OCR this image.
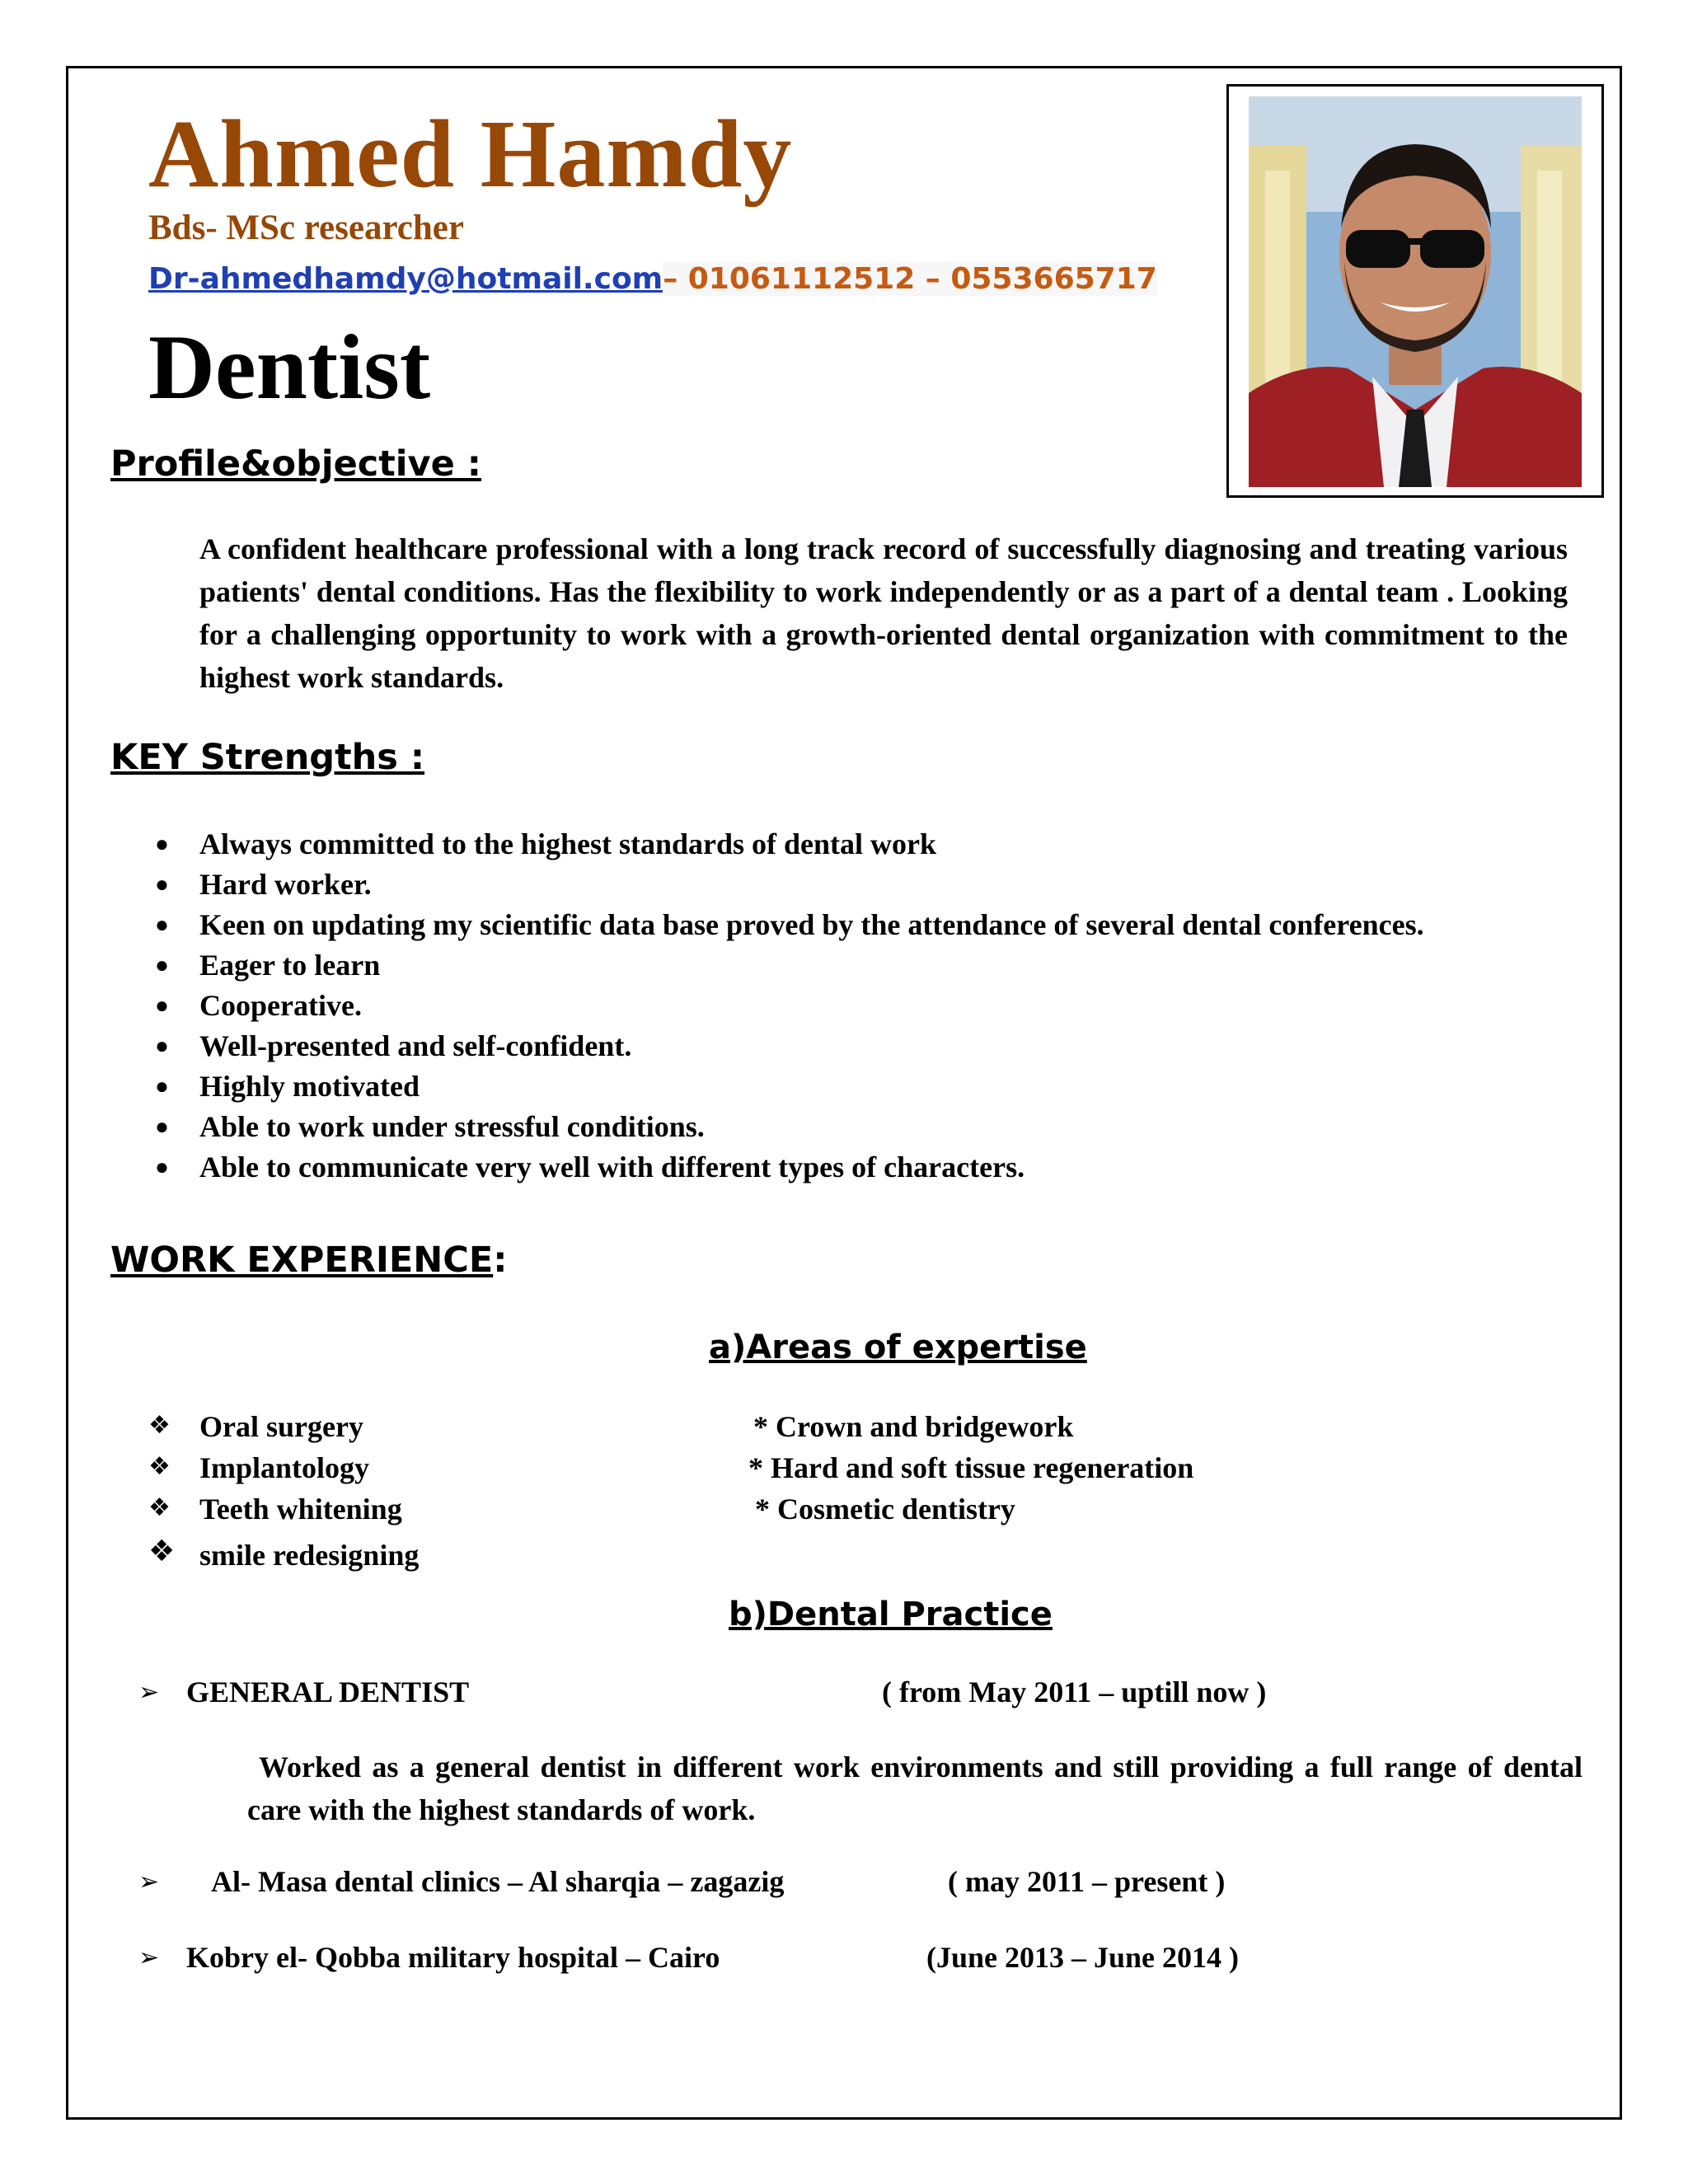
Ahmed Hamdy
Bds- MSc researcher
Dr-ahmedhamdy@hotmail.com– 01061112512 – 0553665717
Dentist
Profile&objective :
A confident healthcare professional with a long track record of successfully diagnosing and treating various patients' dental conditions. Has the flexibility to work independently or as a part of a dental team . Looking for a challenging opportunity to work with a growth-oriented dental organization with commitment to the highest work standards.
KEY Strengths :
● Always committed to the highest standards of dental work
● Hard worker.
● Keen on updating my scientific data base proved by the attendance of several dental conferences.
● Eager to learn
● Cooperative.
● Well-presented and self-confident.
● Highly motivated
● Able to work under stressful conditions.
● Able to communicate very well with different types of characters.
WORK EXPERIENCE:
a)Areas of expertise
❖ Oral surgery
❖ Implantology
❖ Teeth whitening
❖ smile redesigning
* Crown and bridgework
* Hard and soft tissue regeneration
* Cosmetic dentistry
b)Dental Practice
➢ GENERAL DENTIST	( from May 2011 – uptill now )
Worked as a general dentist in different work environments and still providing a full range of dental care with the highest standards of work.
➢ Al- Masa dental clinics – Al sharqia – zagazig	( may 2011 – present )
➢ Kobry el- Qobba military hospital – Cairo	(June 2013 – June 2014 )
